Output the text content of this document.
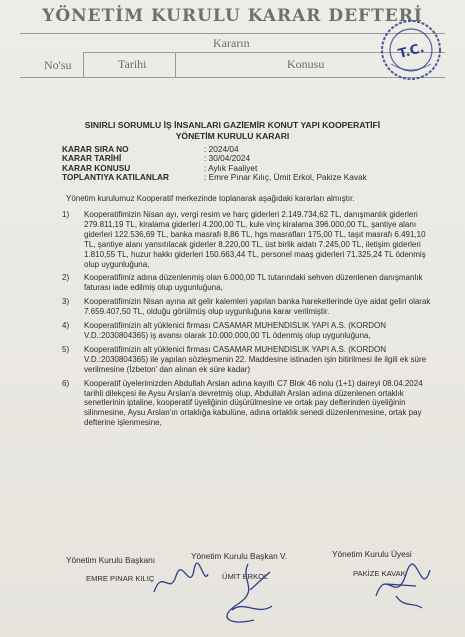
YÖNETİM KURULU KARAR DEFTERİ
Kararın
No'su	Tarihi	Konusu
T.C.
SINIRLI SORUMLU İŞ İNSANLARI GAZİEMİR KONUT YAPI KOOPERATİFİ
YÖNETİM KURULU KARARI
KARAR SIRA NO	: 2024/04
KARAR TARİHİ	: 30/04/2024
KARAR KONUSU	: Aylık Faaliyet
TOPLANTIYA KATILANLAR	: Emre Pınar Kılıç, Ümit Erkol, Pakize Kavak
Yönetim kurulumuz Kooperatif merkezinde toplanarak aşağıdaki kararları almıştır.
1)	Kooperatifimizin Nisan ayı, vergi resim ve harç giderleri 2.149.734,62 TL, danışmanlık giderleri 279.811,19 TL, kiralama giderleri 4.200,00 TL, kule vinç kiralama 396.000,00 TL, şantiye alanı giderleri 122.536,69 TL, banka masrafı 8,86 TL, hgs masrafları 175,00 TL, taşıt masrafı 6.491,10 TL, şantiye alanı yansıtılacak giderler 8.220,00 TL, üst birlik aidatı 7.245,00 TL, iletişim giderleri 1.810,55 TL, huzur hakkı giderleri 150.663,44 TL, personel maaş giderleri 71.325,24 TL ödenmiş olup uygunluğuna,
2)	Kooperatifimiz adına düzenlenmiş olan 6.000,00 TL tutarındaki sehven düzenlenen danışmanlık faturası iade edilmiş olup uygunluğuna,
3)	Kooperatifimizin Nisan ayına ait gelir kalemleri yapılan banka hareketlerinde üye aidat geliri olarak 7.659.407,50 TL, olduğu görülmüş olup uygunluğuna karar verilmiştir.
4)	Kooperatifimizin alt yüklenici firması CASAMAR MUHENDISLIK YAPI A.S. (KORDON V.D.:2030804365) iş avansı olarak 10.000.000,00 TL ödenmiş olup uygunluğuna,
5)	Kooperatifimizin alt yüklenici firması CASAMAR MUHENDISLIK YAPI A.S. (KORDON V.D.:2030804365) ile yapılan sözleşmenin 22. Maddesine istinaden işin bitirilmesi ile ilgili ek süre verilmesine (İzbeton' dan alınan ek süre kadar)
6)	Kooperatif üyelerimizden Abdullah Arslan adına kayıtlı C7 Blok 46 nolu (1+1) daireyi 08.04.2024 tarihli dilekçesi ile Aysu Arslan'a devretmiş olup, Abdullah Arslan adına düzenlenen ortaklık senetlerinin iptaline, kooperatif üyeliğinin düşürülmesine ve ortak pay defterinden üyeliğinin silinmesine, Aysu Arslan'ın ortaklığa kabulüne, adına ortaklık senedi düzenlenmesine, ortak pay defterine işlenmesine,
Yönetim Kurulu Başkanı	Yönetim Kurulu Başkan V.	Yönetim Kurulu Üyesi
EMRE PINAR KILIÇ	ÜMİT ERKOL	PAKİZE KAVAK
